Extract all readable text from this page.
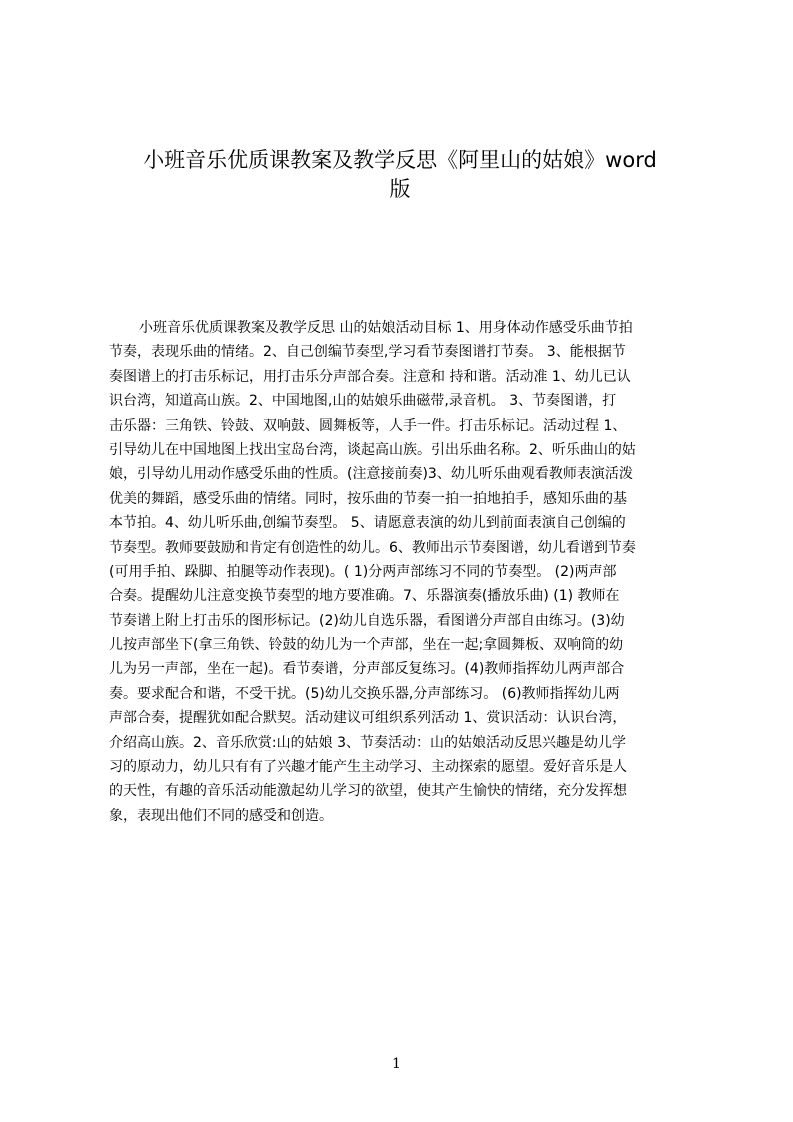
小班音乐优质课教案及教学反思《阿里山的姑娘》word
版
小班音乐优质课教案及教学反思 山的姑娘活动目标 1、用身体动作感受乐曲节拍
节奏，表现乐曲的情绪。2、自己创编节奏型,学习看节奏图谱打节奏。 3、能根据节
奏图谱上的打击乐标记，用打击乐分声部合奏。注意和 持和谐。活动准 1、幼儿已认
识台湾，知道高山族。2、中国地图,山的姑娘乐曲磁带,录音机。 3、节奏图谱，打
击乐器：三角铁、铃鼓、双响鼓、圆舞板等，人手一件。打击乐标记。活动过程 1、
引导幼儿在中国地图上找出宝岛台湾，谈起高山族。引出乐曲名称。2、听乐曲山的姑
娘，引导幼儿用动作感受乐曲的性质。(注意接前奏)3、幼儿听乐曲观看教师表演活泼
优美的舞蹈，感受乐曲的情绪。同时，按乐曲的节奏一拍一拍地拍手，感知乐曲的基
本节拍。4、幼儿听乐曲,创编节奏型。 5、请愿意表演的幼儿到前面表演自己创编的
节奏型。教师要鼓励和肯定有创造性的幼儿。6、教师出示节奏图谱，幼儿看谱到节奏
(可用手拍、跺脚、拍腿等动作表现)。( 1)分两声部练习不同的节奏型。 (2)两声部
合奏。提醒幼儿注意变换节奏型的地方要准确。7、乐器演奏(播放乐曲) (1) 教师在
节奏谱上附上打击乐的图形标记。(2)幼儿自选乐器，看图谱分声部自由练习。(3)幼
儿按声部坐下(拿三角铁、铃鼓的幼儿为一个声部，坐在一起;拿圆舞板、双响筒的幼
儿为另一声部，坐在一起)。看节奏谱，分声部反复练习。(4)教师指挥幼儿两声部合
奏。要求配合和谐，不受干扰。(5)幼儿交换乐器,分声部练习。 (6)教师指挥幼儿两
声部合奏，提醒犹如配合默契。活动建议可组织系列活动 1、赏识活动：认识台湾，
介绍高山族。2、音乐欣赏:山的姑娘 3、节奏活动：山的姑娘活动反思兴趣是幼儿学
习的原动力，幼儿只有有了兴趣才能产生主动学习、主动探索的愿望。爱好音乐是人
的天性，有趣的音乐活动能激起幼儿学习的欲望，使其产生愉快的情绪，充分发挥想
象，表现出他们不同的感受和创造。
1
